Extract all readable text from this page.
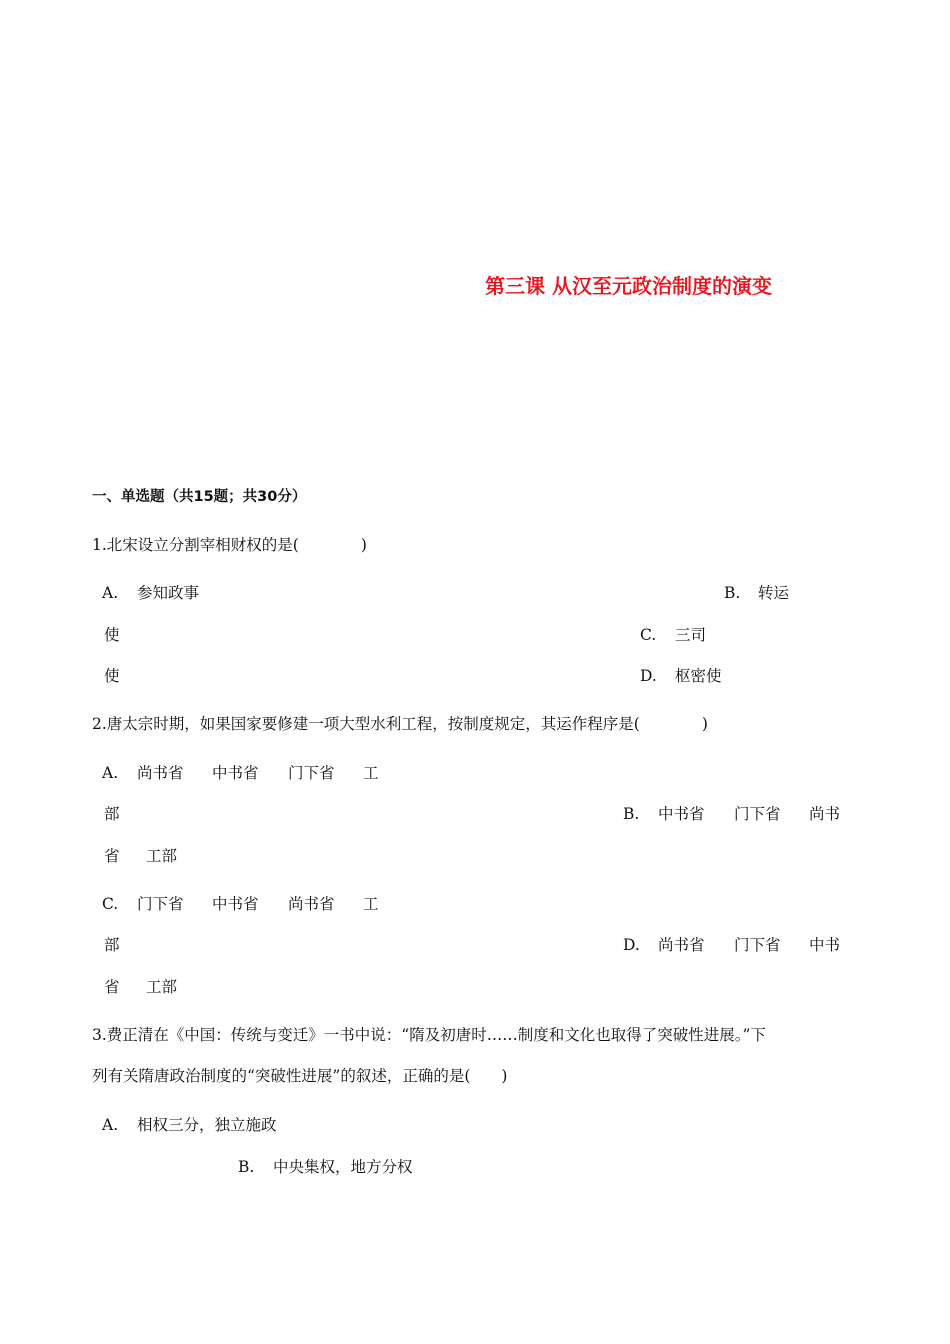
第三课 从汉至元政治制度的演变
一、单选题（共15题；共30分）
1.北宋设立分割宰相财权的是(　　　　)
A. 参知政事	B. 转运
使	C. 三司
使	D. 枢密使
2.唐太宗时期，如果国家要修建一项大型水利工程，按制度规定，其运作程序是(　　　　)
A. 尚书省 中书省 门下省 工
部	B. 中书省 门下省 尚书
省 工部
C. 门下省 中书省 尚书省 工
部	D. 尚书省 门下省 中书
省 工部
3.费正清在《中国：传统与变迁》一书中说：“隋及初唐时……制度和文化也取得了突破性进展。”下
列有关隋唐政治制度的“突破性进展”的叙述，正确的是(　　)
A. 相权三分，独立施政
B. 中央集权，地方分权
